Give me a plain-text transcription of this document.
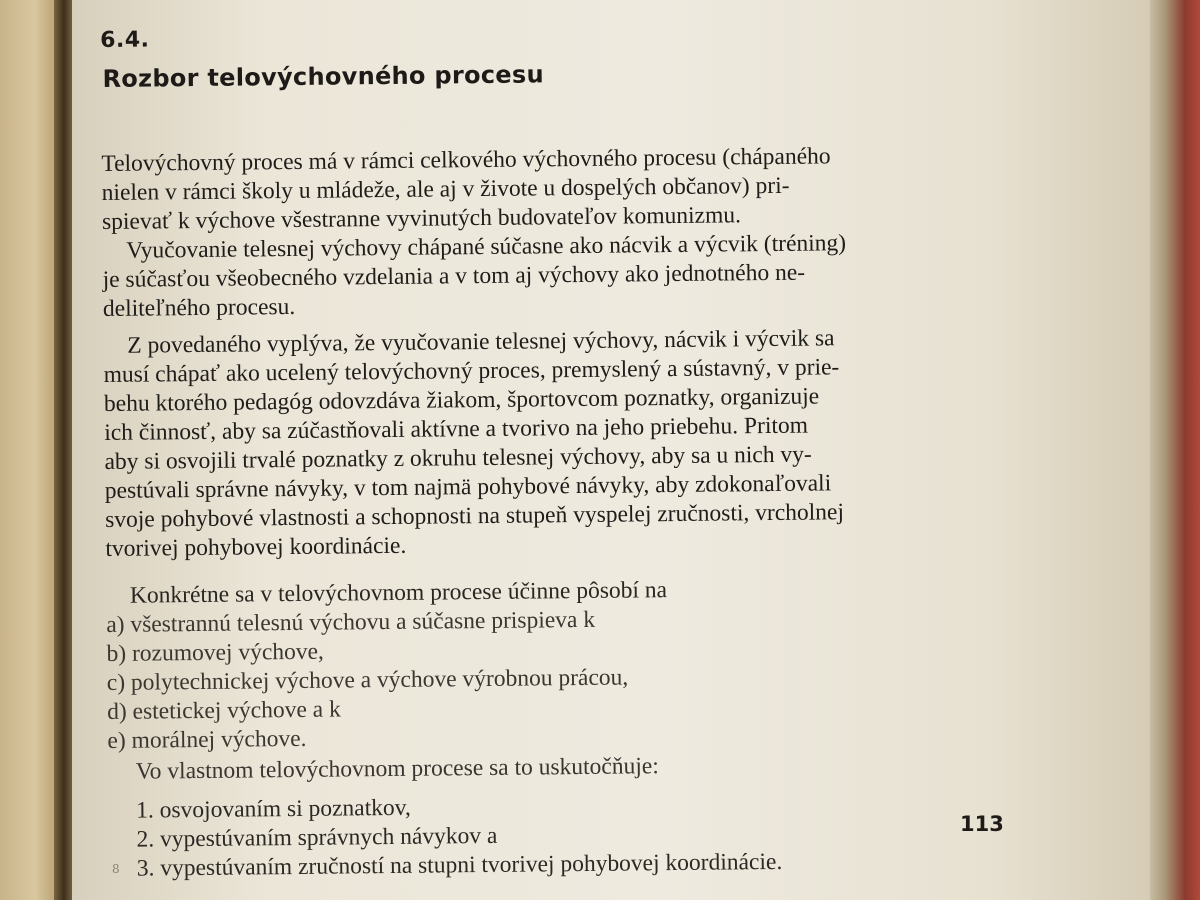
6.4.
Rozbor telovýchovného procesu
Telovýchovný proces má v rámci celkového výchovného procesu (chápaného
nielen v rámci školy u mládeže, ale aj v živote u dospelých občanov) pri-
spievať k výchove všestranne vyvinutých budovateľov komunizmu.
Vyučovanie telesnej výchovy chápané súčasne ako nácvik a výcvik (tréning)
je súčasťou všeobecného vzdelania a v tom aj výchovy ako jednotného ne-
deliteľného procesu.
Z povedaného vyplýva, že vyučovanie telesnej výchovy, nácvik i výcvik sa
musí chápať ako ucelený telovýchovný proces, premyslený a sústavný, v prie-
behu ktorého pedagóg odovzdáva žiakom, športovcom poznatky, organizuje
ich činnosť, aby sa zúčastňovali aktívne a tvorivo na jeho priebehu. Pritom
aby si osvojili trvalé poznatky z okruhu telesnej výchovy, aby sa u nich vy-
pestúvali správne návyky, v tom najmä pohybové návyky, aby zdokonaľovali
svoje pohybové vlastnosti a schopnosti na stupeň vyspelej zručnosti, vrcholnej
tvorivej pohybovej koordinácie.
Konkrétne sa v telovýchovnom procese účinne pôsobí na
a) všestrannú telesnú výchovu a súčasne prispieva k
b) rozumovej výchove,
c) polytechnickej výchove a výchove výrobnou prácou,
d) estetickej výchove a k
e) morálnej výchove.
Vo vlastnom telovýchovnom procese sa to uskutočňuje:
1. osvojovaním si poznatkov,
2. vypestúvaním správnych návykov a
3. vypestúvaním zručností na stupni tvorivej pohybovej koordinácie.
113
8
